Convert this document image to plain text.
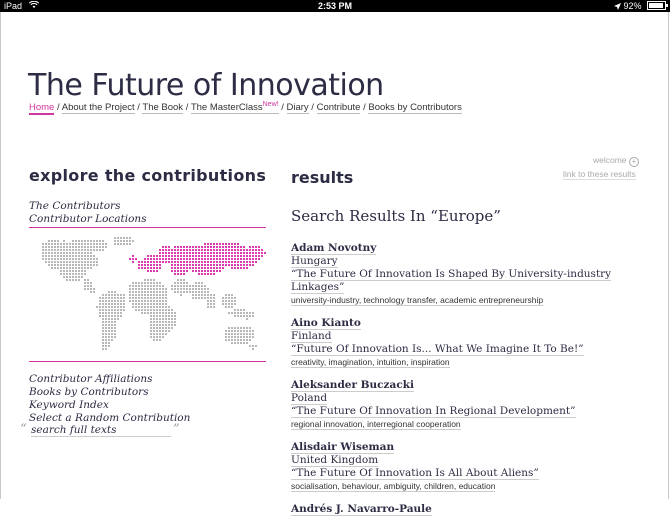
iPad	2:53 PM	92%
The Future of Innovation
Home / About the Project / The Book / The MasterClass$^{New!}$ / Diary / Contribute / Books by Contributors
explore the contributions
The Contributors
Contributor Locations
Contributor Affiliations
Books by Contributors
Keyword Index
Select a Random Contribution
“ search full texts	”
results
welcome +
link to these results
Search Results In “Europe”
Adam Novotny
Hungary
“The Future Of Innovation Is Shaped By University-industry Linkages”
university-industry, technology transfer, academic entrepreneurship
Aino Kianto
Finland
“Future Of Innovation Is... What We Imagine It To Be!”
creativity, imagination, intuition, inspiration
Aleksander Buczacki
Poland
“The Future Of Innovation In Regional Development”
regional innovation, interregional cooperation
Alisdair Wiseman
United Kingdom
“The Future Of Innovation Is All About Aliens”
socialisation, behaviour, ambiguity, children, education
Andrés J. Navarro-Paule
